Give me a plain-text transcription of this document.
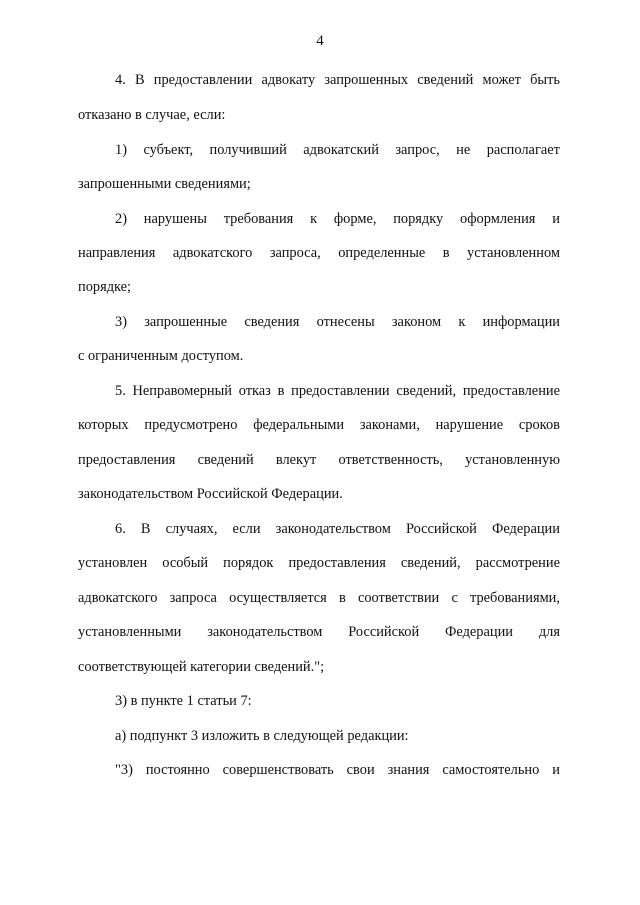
4
4. В предоставлении адвокату запрошенных сведений может быть
отказано в случае, если:
1) субъект, получивший адвокатский запрос, не располагает
запрошенными сведениями;
2) нарушены требования к форме, порядку оформления и
направления адвокатского запроса, определенные в установленном
порядке;
3) запрошенные сведения отнесены законом к информации
с ограниченным доступом.
5. Неправомерный отказ в предоставлении сведений, предоставление
которых предусмотрено федеральными законами, нарушение сроков
предоставления сведений влекут ответственность, установленную
законодательством Российской Федерации.
6. В случаях, если законодательством Российской Федерации
установлен особый порядок предоставления сведений, рассмотрение
адвокатского запроса осуществляется в соответствии с требованиями,
установленными законодательством Российской Федерации для
соответствующей категории сведений.";
3) в пункте 1 статьи 7:
а) подпункт 3 изложить в следующей редакции:
"3) постоянно совершенствовать свои знания самостоятельно и
